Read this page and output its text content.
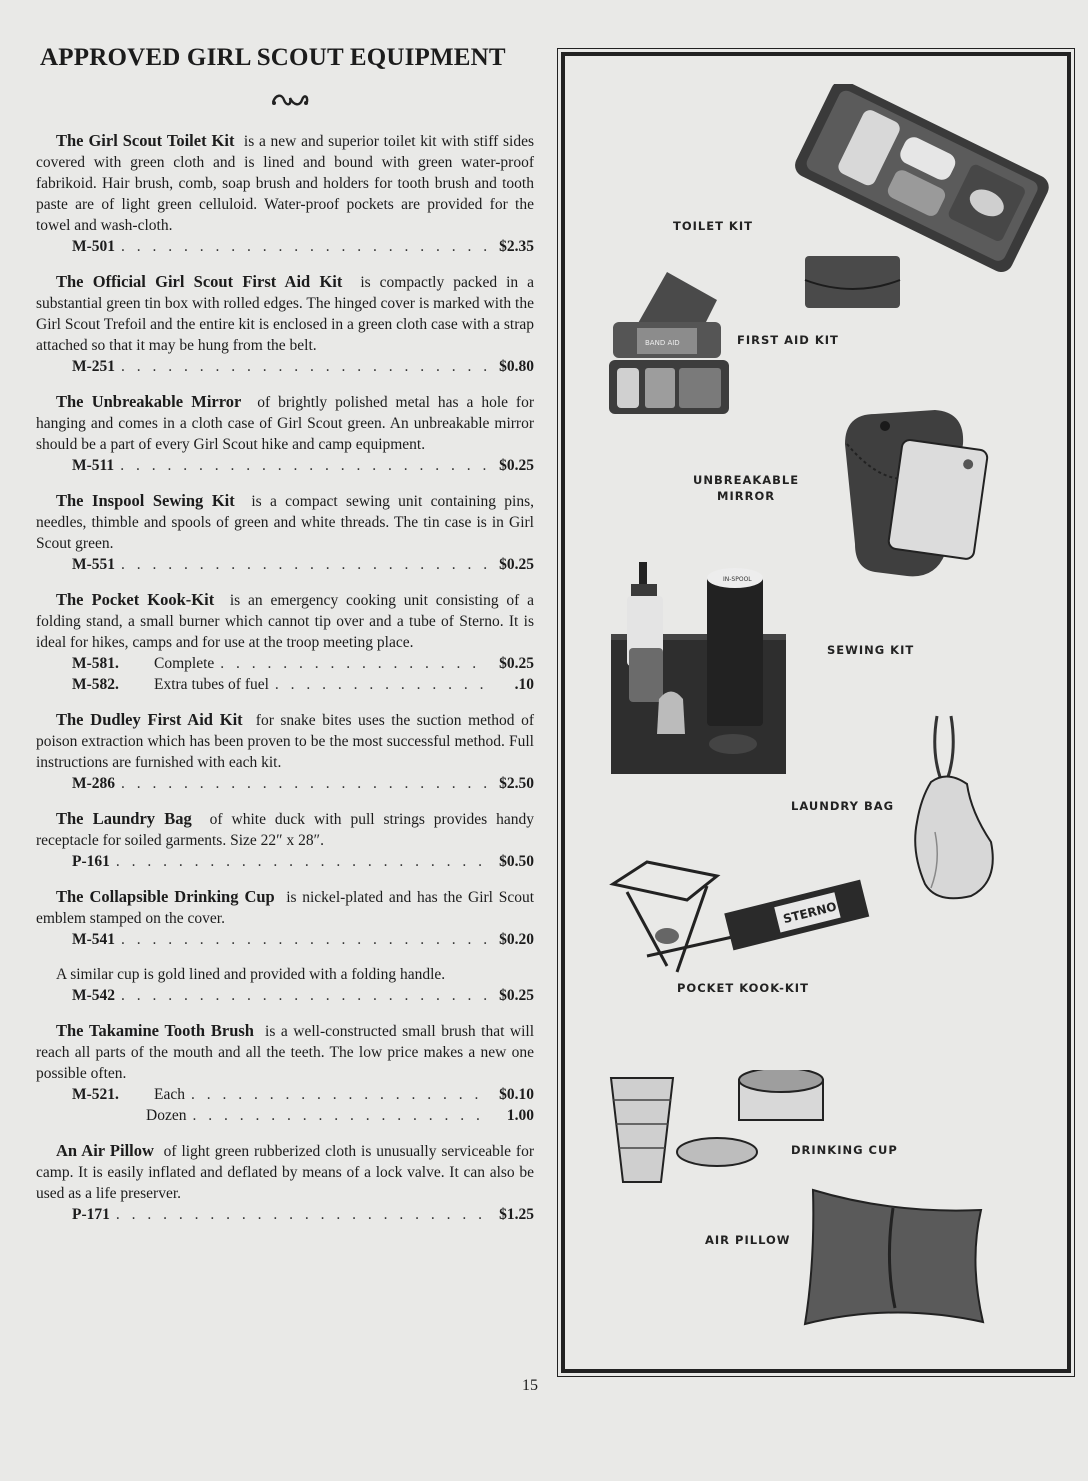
APPROVED GIRL SCOUT EQUIPMENT

The Girl Scout Toilet Kit is a new and superior toilet kit with stiff sides covered with green cloth and is lined and bound with green water-proof fabrikoid. Hair brush, comb, soap brush and holders for tooth brush and tooth paste are of light green celluloid. Water-proof pockets are provided for the towel and wash-cloth.

M-501 . . .	$2.35

The Official Girl Scout First Aid Kit is compactly packed in a substantial green tin box with rolled edges. The hinged cover is marked with the Girl Scout Trefoil and the entire kit is enclosed in a green cloth case with a strap attached so that it may be hung from the belt.

M-251 . . .	$0.80

The Unbreakable Mirror of brightly polished metal has a hole for hanging and comes in a cloth case of Girl Scout green. An unbreakable mirror should be a part of every Girl Scout hike and camp equipment.

M-511 . . .	$0.25

The Inspool Sewing Kit is a compact sewing unit containing pins, needles, thimble and spools of green and white threads. The tin case is in Girl Scout green.

M-551 . . .	$0.25

The Pocket Kook-Kit is an emergency cooking unit consisting of a folding stand, a small burner which cannot tip over and a tube of Sterno. It is ideal for hikes, camps and for use at the troop meeting place.

M-581.	Complete . . .	$0.25
M-582.	Extra tubes of fuel . . .	.10

The Dudley First Aid Kit for snake bites uses the suction method of poison extraction which has been proven to be the most successful method. Full instructions are furnished with each kit.

M-286 . . .	$2.50

The Laundry Bag of white duck with pull strings provides handy receptacle for soiled garments. Size 22″ x 28″.

P-161 . . .	$0.50

The Collapsible Drinking Cup is nickel-plated and has the Girl Scout emblem stamped on the cover.

M-541 . . .	$0.20

A similar cup is gold lined and provided with a folding handle.

M-542 . . .	$0.25

The Takamine Tooth Brush is a well-constructed small brush that will reach all parts of the mouth and all the teeth. The low price makes a new one possible often.

M-521.	Each . . .	$0.10
Dozen . . .	1.00

An Air Pillow of light green rubberized cloth is unusually serviceable for camp. It is easily inflated and deflated by means of a lock valve. It can also be used as a life preserver.

P-171 . . .	$1.25
TOILET KIT
BAND AID	FIRST AID KIT
UNBREAKABLE
MIRROR
IN-SPOOL
SEWING KIT
LAUNDRY BAG
STERNO
POCKET KOOK-KIT
DRINKING CUP
AIR PILLOW
15
